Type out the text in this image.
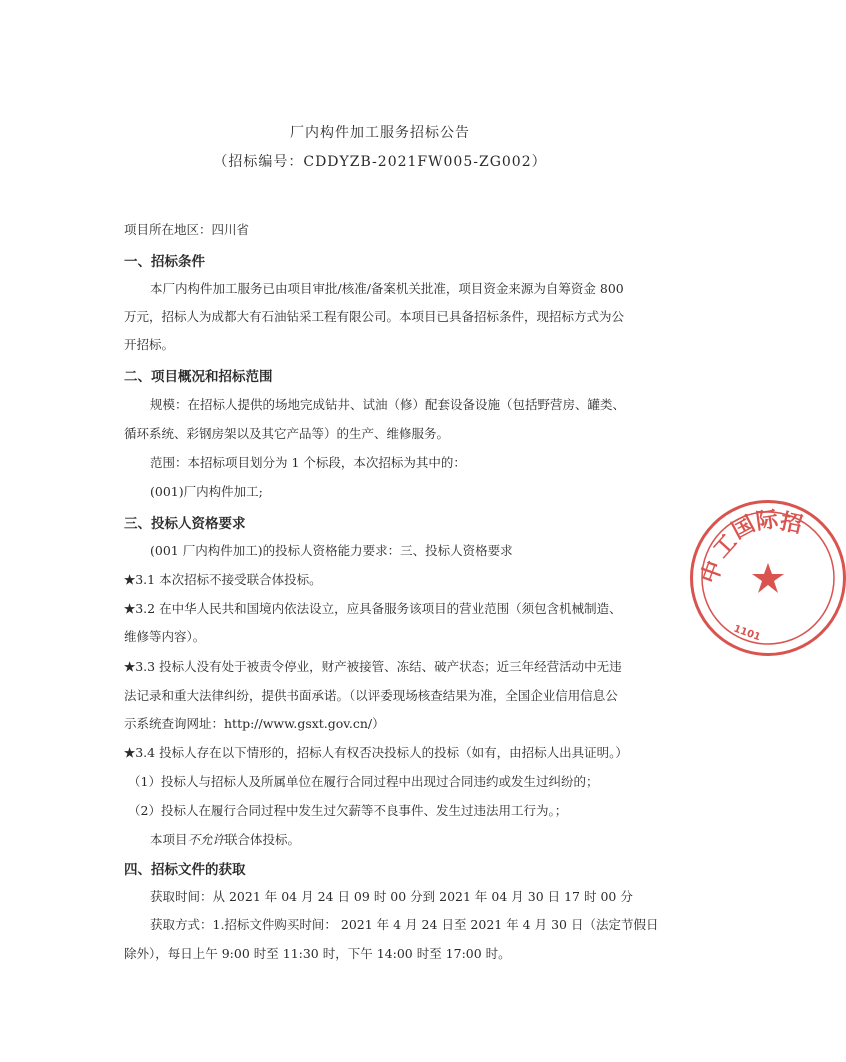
厂内构件加工服务招标公告
（招标编号：CDDYZB-2021FW005-ZG002）
项目所在地区：四川省
一、招标条件
本厂内构件加工服务已由项目审批/核准/备案机关批准，项目资金来源为自筹资金 800
万元，招标人为成都大有石油钻采工程有限公司。本项目已具备招标条件，现招标方式为公
开招标。
二、项目概况和招标范围
规模：在招标人提供的场地完成钻井、试油（修）配套设备设施（包括野营房、罐类、
循环系统、彩钢房架以及其它产品等）的生产、维修服务。
范围：本招标项目划分为 1 个标段，本次招标为其中的：
(001)厂内构件加工;
三、投标人资格要求
(001 厂内构件加工)的投标人资格能力要求：三、投标人资格要求
★3.1 本次招标不接受联合体投标。
★3.2 在中华人民共和国境内依法设立，应具备服务该项目的营业范围（须包含机械制造、
维修等内容）。
★3.3 投标人没有处于被责令停业，财产被接管、冻结、破产状态；近三年经营活动中无违
法记录和重大法律纠纷，提供书面承诺。（以评委现场核查结果为准，全国企业信用信息公
示系统查询网址：http://www.gsxt.gov.cn/）
★3.4 投标人存在以下情形的，招标人有权否决投标人的投标（如有，由招标人出具证明。）
（1）投标人与招标人及所属单位在履行合同过程中出现过合同违约或发生过纠纷的；
（2）投标人在履行合同过程中发生过欠薪等不良事件、发生过违法用工行为。；
本项目不允许联合体投标。
四、招标文件的获取
获取时间：从 2021 年 04 月 24 日 09 时 00 分到 2021 年 04 月 30 日 17 时 00 分
获取方式：1.招标文件购买时间： 2021 年 4 月 24 日至 2021 年 4 月 30 日（法定节假日
除外），每日上午 9:00 时至 11:30 时，下午 14:00 时至 17:00 时。
中
工
国
际
招
1101
